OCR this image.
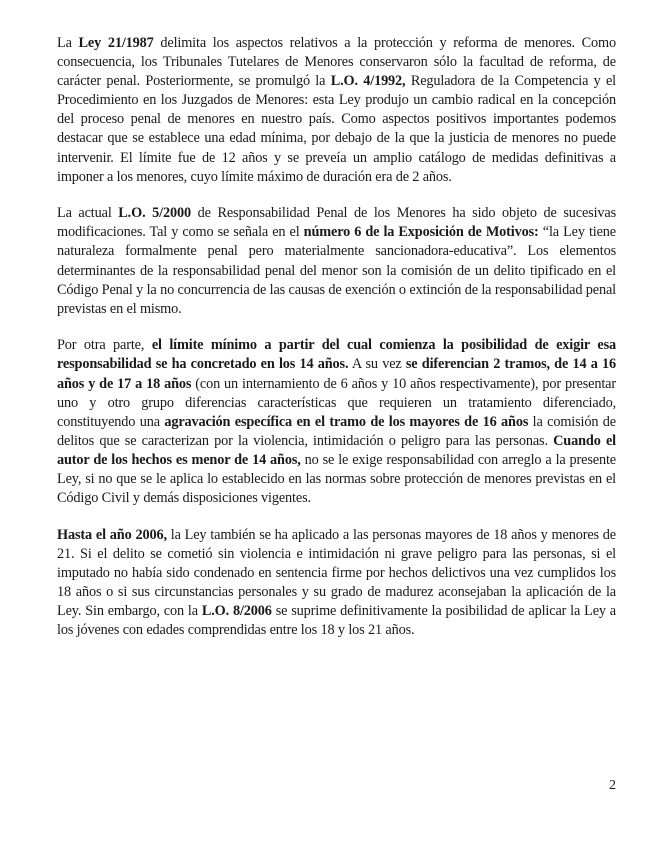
La Ley 21/1987 delimita los aspectos relativos a la protección y reforma de menores. Como consecuencia, los Tribunales Tutelares de Menores conservaron sólo la facultad de reforma, de carácter penal. Posteriormente, se promulgó la L.O. 4/1992, Reguladora de la Competencia y el Procedimiento en los Juzgados de Menores: esta Ley produjo un cambio radical en la concepción del proceso penal de menores en nuestro país. Como aspectos positivos importantes podemos destacar que se establece una edad mínima, por debajo de la que la justicia de menores no puede intervenir. El límite fue de 12 años y se preveía un amplio catálogo de medidas definitivas a imponer a los menores, cuyo límite máximo de duración era de 2 años.

La actual L.O. 5/2000 de Responsabilidad Penal de los Menores ha sido objeto de sucesivas modificaciones. Tal y como se señala en el número 6 de la Exposición de Motivos: “la Ley tiene naturaleza formalmente penal pero materialmente sancionadora-educativa”. Los elementos determinantes de la responsabilidad penal del menor son la comisión de un delito tipificado en el Código Penal y la no concurrencia de las causas de exención o extinción de la responsabilidad penal previstas en el mismo.

Por otra parte, el límite mínimo a partir del cual comienza la posibilidad de exigir esa responsabilidad se ha concretado en los 14 años. A su vez se diferencian 2 tramos, de 14 a 16 años y de 17 a 18 años (con un internamiento de 6 años y 10 años respectivamente), por presentar uno y otro grupo diferencias características que requieren un tratamiento diferenciado, constituyendo una agravación específica en el tramo de los mayores de 16 años la comisión de delitos que se caracterizan por la violencia, intimidación o peligro para las personas. Cuando el autor de los hechos es menor de 14 años, no se le exige responsabilidad con arreglo a la presente Ley, si no que se le aplica lo establecido en las normas sobre protección de menores previstas en el Código Civil y demás disposiciones vigentes.

Hasta el año 2006, la Ley también se ha aplicado a las personas mayores de 18 años y menores de 21. Si el delito se cometió sin violencia e intimidación ni grave peligro para las personas, si el imputado no había sido condenado en sentencia firme por hechos delictivos una vez cumplidos los 18 años o si sus circunstancias personales y su grado de madurez aconsejaban la aplicación de la Ley. Sin embargo, con la L.O. 8/2006 se suprime definitivamente la posibilidad de aplicar la Ley a los jóvenes con edades comprendidas entre los 18 y los 21 años.

2
